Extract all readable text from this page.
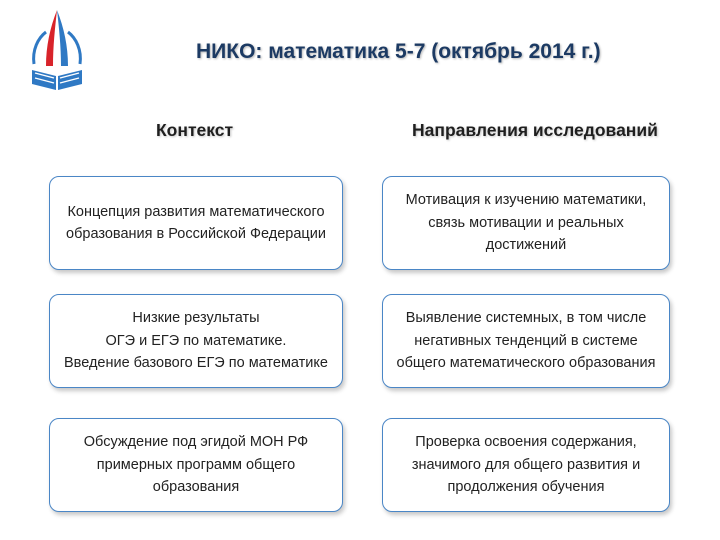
НИКО: математика 5-7 (октябрь 2014 г.)
Контекст	Направления исследований
Концепция развития математического
образования в Российской Федерации
Низкие результаты
ОГЭ и ЕГЭ по математике.
Введение базового ЕГЭ по математике
Обсуждение под эгидой МОН РФ
примерных программ общего
образования
Мотивация к изучению математики,
связь мотивации и реальных
достижений
Выявление системных, в том числе
негативных тенденций в системе
общего математического образования
Проверка освоения содержания,
значимого для общего развития и
продолжения обучения
